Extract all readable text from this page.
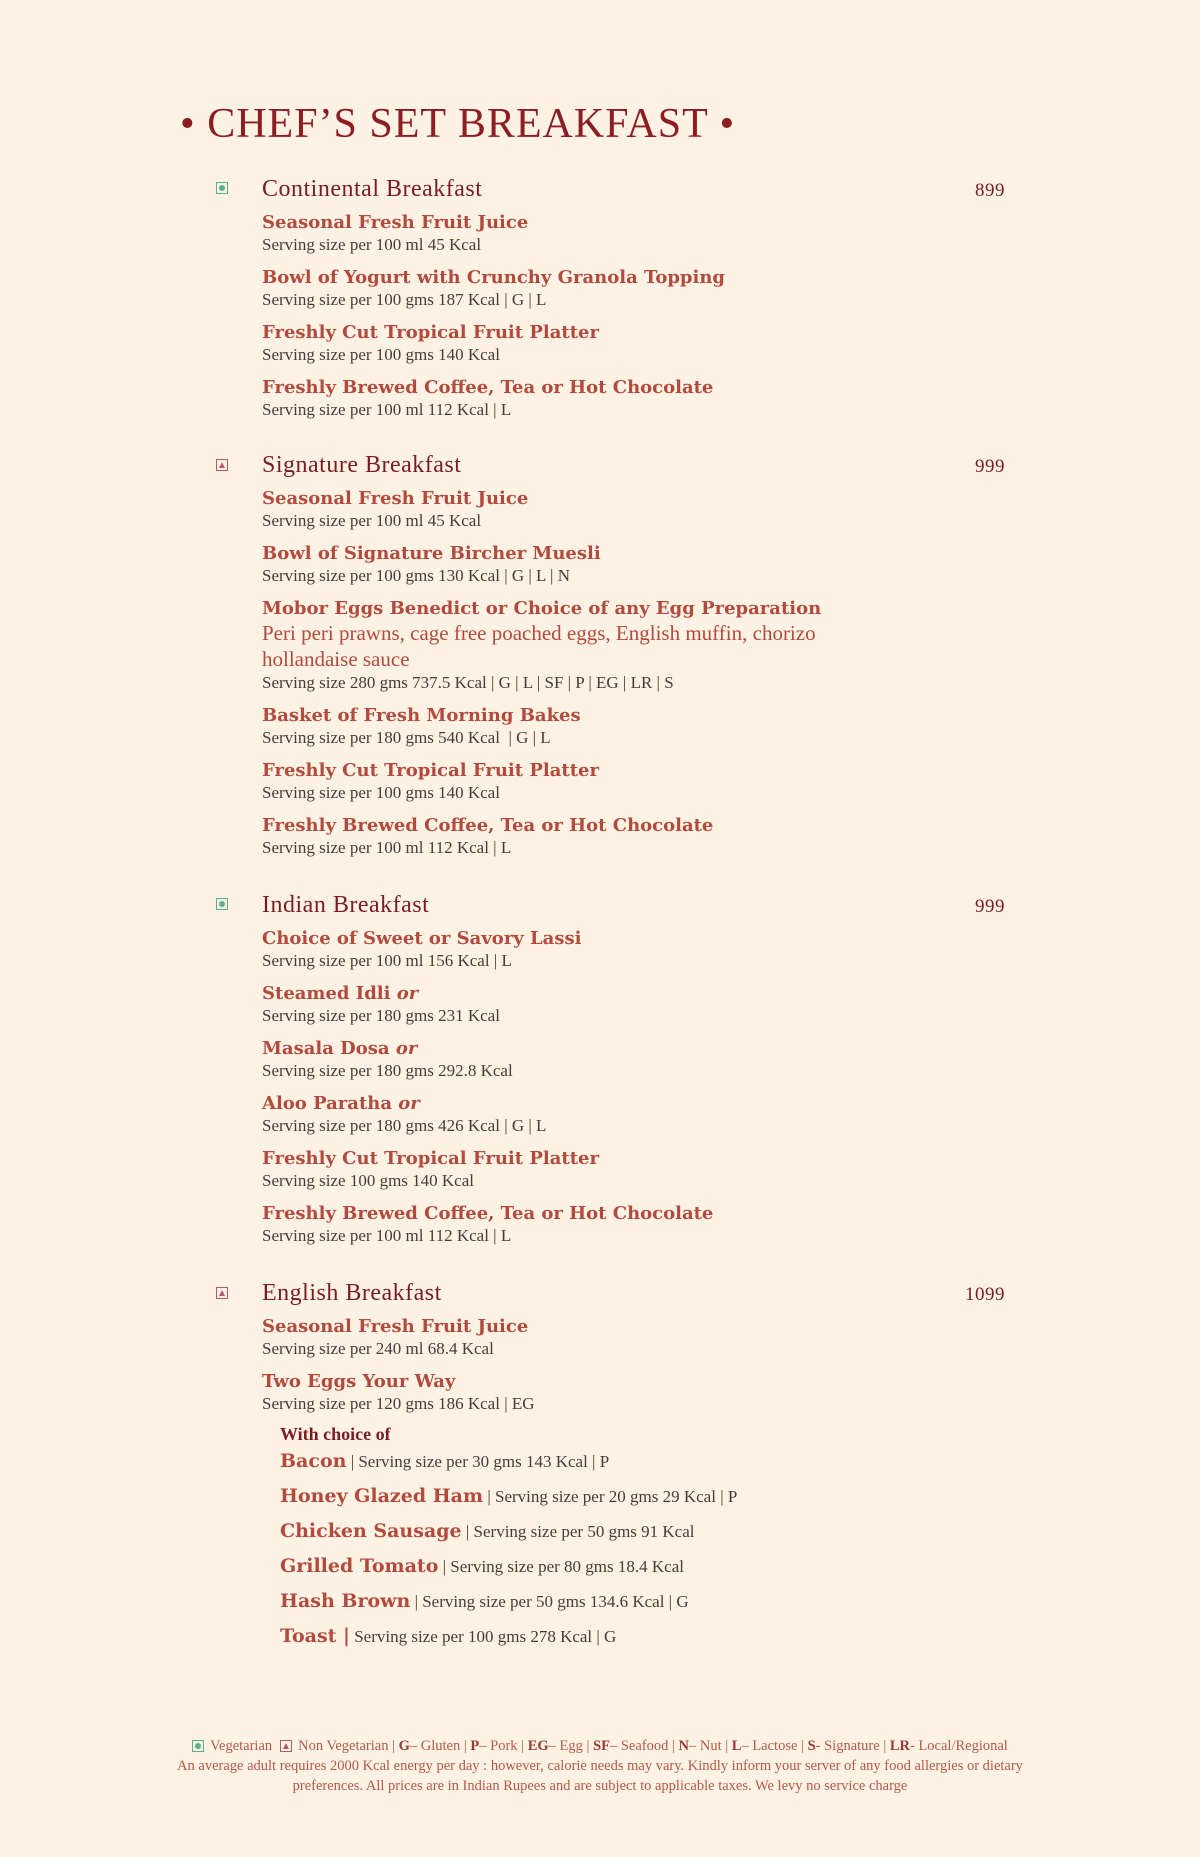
• CHEF’S SET BREAKFAST •
Continental Breakfast	899
Seasonal Fresh Fruit Juice
Serving size per 100 ml 45 Kcal
Bowl of Yogurt with Crunchy Granola Topping
Serving size per 100 gms 187 Kcal | G | L
Freshly Cut Tropical Fruit Platter
Serving size per 100 gms 140 Kcal
Freshly Brewed Coffee, Tea or Hot Chocolate
Serving size per 100 ml 112 Kcal | L
Signature Breakfast	999
Seasonal Fresh Fruit Juice
Serving size per 100 ml 45 Kcal
Bowl of Signature Bircher Muesli
Serving size per 100 gms 130 Kcal | G | L | N
Mobor Eggs Benedict or Choice of any Egg Preparation
Peri peri prawns, cage free poached eggs, English muffin, chorizo hollandaise sauce
Serving size 280 gms 737.5 Kcal | G | L | SF | P | EG | LR | S
Basket of Fresh Morning Bakes
Serving size per 180 gms 540 Kcal  | G | L
Freshly Cut Tropical Fruit Platter
Serving size per 100 gms 140 Kcal
Freshly Brewed Coffee, Tea or Hot Chocolate
Serving size per 100 ml 112 Kcal | L
Indian Breakfast	999
Choice of Sweet or Savory Lassi
Serving size per 100 ml 156 Kcal | L
Steamed Idli or
Serving size per 180 gms 231 Kcal
Masala Dosa or
Serving size per 180 gms 292.8 Kcal
Aloo Paratha or
Serving size per 180 gms 426 Kcal | G | L
Freshly Cut Tropical Fruit Platter
Serving size 100 gms 140 Kcal
Freshly Brewed Coffee, Tea or Hot Chocolate
Serving size per 100 ml 112 Kcal | L
English Breakfast	1099
Seasonal Fresh Fruit Juice
Serving size per 240 ml 68.4 Kcal
Two Eggs Your Way
Serving size per 120 gms 186 Kcal | EG
With choice of
Bacon | Serving size per 30 gms 143 Kcal | P
Honey Glazed Ham | Serving size per 20 gms 29 Kcal | P
Chicken Sausage | Serving size per 50 gms 91 Kcal
Grilled Tomato | Serving size per 80 gms 18.4 Kcal
Hash Brown | Serving size per 50 gms 134.6 Kcal | G
Toast | Serving size per 100 gms 278 Kcal | G
Vegetarian Non Vegetarian | G – Gluten | P – Pork | EG – Egg | SF – Seafood | N – Nut | L – Lactose | S - Signature | LR - Local/Regional
An average adult requires 2000 Kcal energy per day : however, calorie needs may vary. Kindly inform your server of any food allergies or dietary
preferences. All prices are in Indian Rupees and are subject to applicable taxes. We levy no service charge
